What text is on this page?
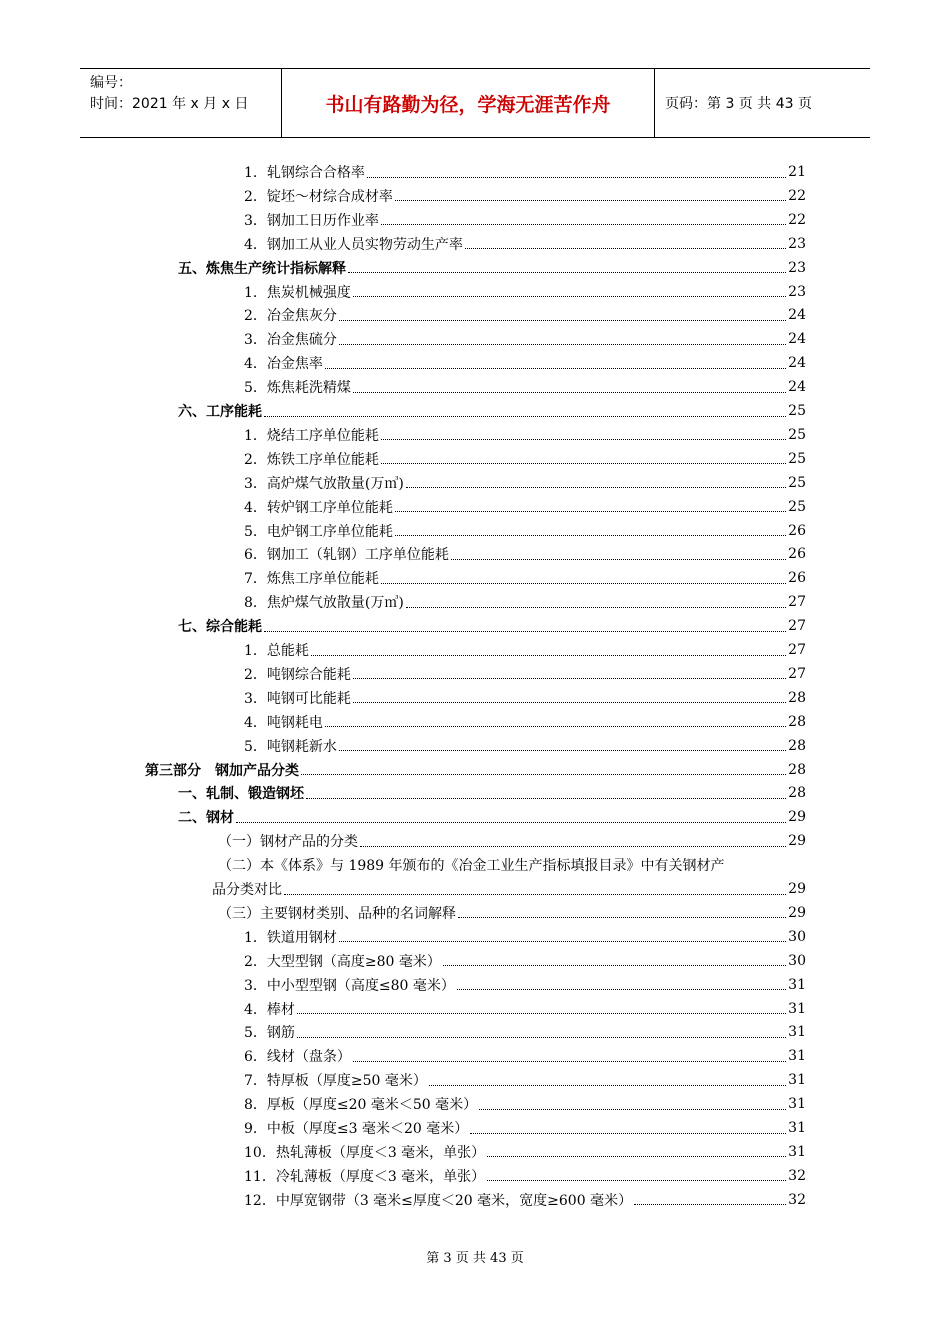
编号：
时间：2021 年 x 月 x 日	书山有路勤为径，学海无涯苦作舟	页码：第 3 页 共 43 页
1．轧钢综合合格率	21
2．锭坯～材综合成材率	22
3．钢加工日历作业率	22
4．钢加工从业人员实物劳动生产率	23
五、炼焦生产统计指标解释	23
1．焦炭机械强度	23
2．冶金焦灰分	24
3．冶金焦硫分	24
4．冶金焦率	24
5．炼焦耗洗精煤	24
六、工序能耗	25
1．烧结工序单位能耗	25
2．炼铁工序单位能耗	25
3．高炉煤气放散量(万㎥)	25
4．转炉钢工序单位能耗	25
5．电炉钢工序单位能耗	26
6．钢加工（轧钢）工序单位能耗	26
7．炼焦工序单位能耗	26
8．焦炉煤气放散量(万㎥)	27
七、综合能耗	27
1．总能耗	27
2．吨钢综合能耗	27
3．吨钢可比能耗	28
4．吨钢耗电	28
5．吨钢耗新水	28
第三部分　钢加产品分类	28
一、轧制、锻造钢坯	28
二、钢材	29
（一）钢材产品的分类	29
（二）本《体系》与 1989 年颁布的《冶金工业生产指标填报目录》中有关钢材产
品分类对比	29
（三）主要钢材类别、品种的名词解释	29
1．铁道用钢材	30
2．大型型钢（高度≥80 毫米）	30
3．中小型型钢（高度≤80 毫米）	31
4．棒材	31
5．钢筋	31
6．线材（盘条）	31
7．特厚板（厚度≥50 毫米）	31
8．厚板（厚度≤20 毫米＜50 毫米）	31
9．中板（厚度≤3 毫米＜20 毫米）	31
10．热轧薄板（厚度＜3 毫米，单张）	31
11．冷轧薄板（厚度＜3 毫米，单张）	32
12．中厚宽钢带（3 毫米≤厚度＜20 毫米，宽度≥600 毫米）	32
第 3 页 共 43 页
